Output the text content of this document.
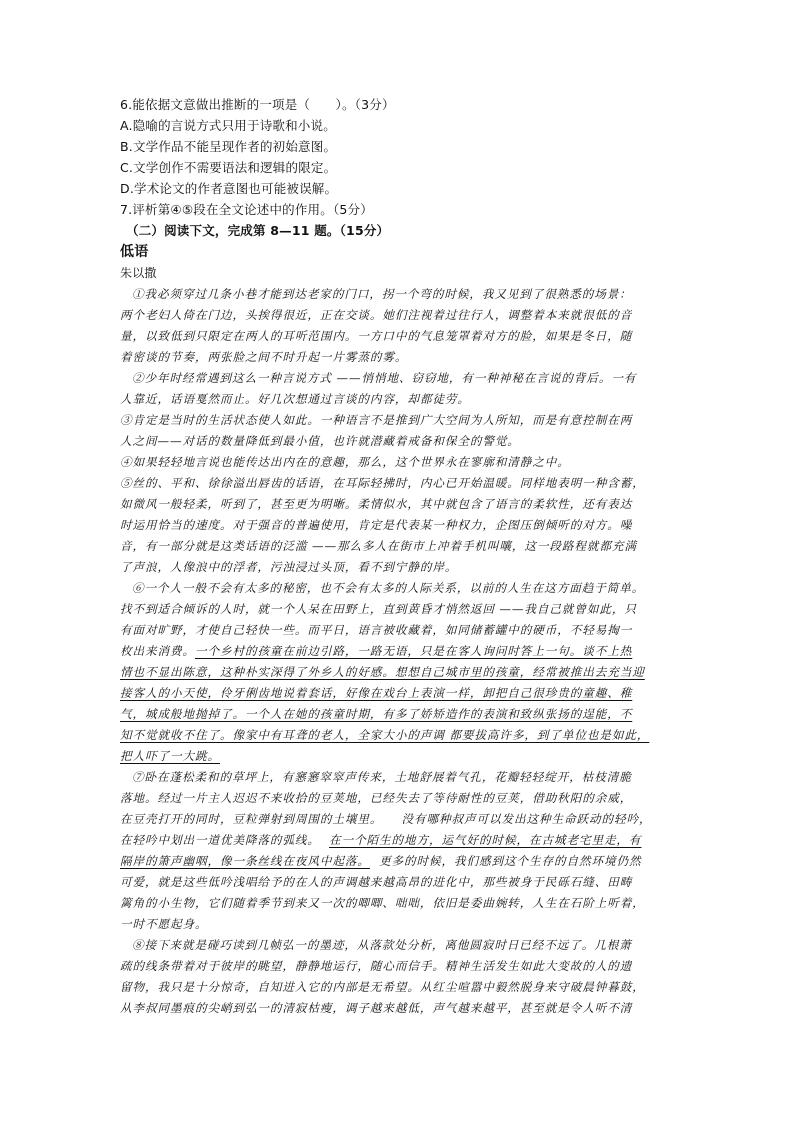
6.能依据文意做出推断的一项是（　　）。（3分）
A.隐喻的言说方式只用于诗歌和小说。
B.文学作品不能呈现作者的初始意图。
C.文学创作不需要语法和逻辑的限定。
D.学术论文的作者意图也可能被误解。
7.评析第④⑤段在全文论述中的作用。（5分）
（二）阅读下文，完成第 8—11 题。（15分）
低语
朱以撒
①我必须穿过几条小巷才能到达老家的门口，拐一个弯的时候，我又见到了很熟悉的场景：
两个老妇人倚在门边，头挨得很近，正在交谈。她们注视着过往行人，调整着本来就很低的音
量，以致低到只限定在两人的耳听范围内。一方口中的气息笼罩着对方的脸，如果是冬日，随
着密谈的节奏，两张脸之间不时升起一片雾蒸的雾。
②少年时经常遇到这么一种言说方式 ——悄悄地、窃窃地，有一种神秘在言说的背后。一有
人靠近，话语戛然而止。好几次想通过言谈的内容，却都徒劳。
③肯定是当时的生活状态使人如此。一种语言不是推到广大空间为人所知，而是有意控制在两
人之间——对话的数量降低到最小值，也许就潜藏着戒备和保全的警觉。
④如果轻轻地言说也能传达出内在的意趣，那么，这个世界永在寥廓和清静之中。
⑤丝的、平和、徐徐溢出唇齿的话语，在耳际轻拂时，内心已开始温暖。同样地表明一种含蓄，
如微风一般轻柔，听到了，甚至更为明晰。柔情似水，其中就包含了语言的柔软性，还有表达
时运用恰当的速度。对于强音的普遍使用，肯定是代表某一种权力，企图压倒倾听的对方。噪
音，有一部分就是这类话语的泛滥 ——那么多人在街市上冲着手机叫嚷，这一段路程就都充满
了声浪，人像浪中的浮者，污浊浸过头顶，看不到宁静的岸。
⑥一个人一般不会有太多的秘密，也不会有太多的人际关系，以前的人生在这方面趋于简单。
找不到适合倾诉的人时，就一个人呆在田野上，直到黄昏才悄然返回 ——我自己就曾如此，只
有面对旷野，才使自己轻快一些。而平日，语言被收藏着，如同储蓄罐中的硬币，不轻易掏一
枚出来消费。一个乡村的孩童在前边引路，一路无语，只是在客人询问时答上一句。谈不上热
情也不显出陈意，这种朴实深得了外乡人的好感。想想自己城市里的孩童，经常被推出去充当迎
接客人的小天使，伶牙俐齿地说着套话，好像在戏台上表演一样，卸把自己很珍贵的童趣、稚
气，城成般地抛掉了。一个人在她的孩童时期，有多了娇矫造作的表演和致纵张扬的逞能，不
知不觉就收不住了。像家中有耳聋的老人，全家大小的声调 都要拔高许多，到了单位也是如此，
把人吓了一大跳。
⑦卧在蓬松柔和的草坪上，有窸窸窣窣声传来，土地舒展着气孔，花瓣轻轻绽开，枯枝清脆
落地。经过一片主人迟迟不来收拾的豆荚地，已经失去了等待耐性的豆荚，借助秋阳的余威，
在豆壳打开的同时，豆粒弹射到周围的土壤里。　　没有哪种叔声可以发出这种生命跃动的轻吟，
在轻吟中划出一道优美降落的弧线。 在一个陌生的地方，运气好的时候，在古城老宅里走，有
隔岸的箫声幽咽，像一条丝线在夜风中起落。 更多的时候，我们感到这个生存的自然环境仍然
可爱，就是这些低吟浅唱给予的在人的声调越来越高昂的进化中，那些被身于民砾石缝、田畴
篱角的小生物，它们随着季节到来又一次的唧唧、咄咄，依旧是委曲婉转，人生在石阶上听着，
一时不愿起身。
⑧接下来就是碰巧读到几帧弘一的墨迹，从落款处分析，离他圆寂时日已经不远了。几根萧
疏的线条带着对于彼岸的眺望，静静地运行，随心而信手。精神生活发生如此大变故的人的遗
留物，我只是十分惊奇，自知进入它的内部是无希望。从红尘喧嚣中毅然脱身来守破晨钟暮鼓，
从李叔同墨痕的尖峭到弘一的清寂枯瘦，调子越来越低，声气越来越平，甚至就是令人听不清
